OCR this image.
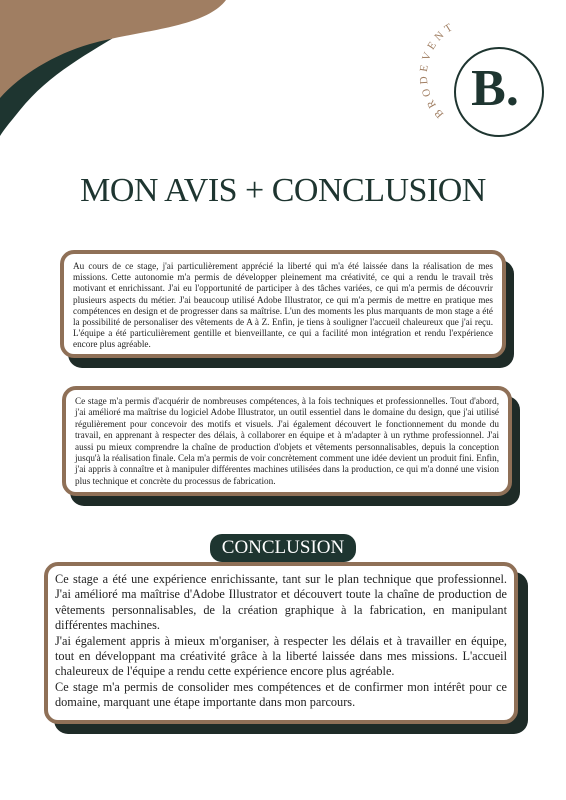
BRODEVENT
B.
MON AVIS + CONCLUSION

Au cours de ce stage, j'ai particulièrement apprécié la liberté qui m'a été laissée dans la réalisation de mes missions. Cette autonomie m'a permis de développer pleinement ma créativité, ce qui a rendu le travail très motivant et enrichissant. J'ai eu l'opportunité de participer à des tâches variées, ce qui m'a permis de découvrir plusieurs aspects du métier. J'ai beaucoup utilisé Adobe Illustrator, ce qui m'a permis de mettre en pratique mes compétences en design et de progresser dans sa maîtrise. L'un des moments les plus marquants de mon stage a été la possibilité de personaliser des vêtements de A à Z. Enfin, je tiens à souligner l'accueil chaleureux que j'ai reçu. L'équipe a été particulièrement gentille et bienveillante, ce qui a facilité mon intégration et rendu l'expérience encore plus agréable.

Ce stage m'a permis d'acquérir de nombreuses compétences, à la fois techniques et professionnelles. Tout d'abord, j'ai amélioré ma maîtrise du logiciel Adobe Illustrator, un outil essentiel dans le domaine du design, que j'ai utilisé régulièrement pour concevoir des motifs et visuels. J'ai également découvert le fonctionnement du monde du travail, en apprenant à respecter des délais, à collaborer en équipe et à m'adapter à un rythme professionnel. J'ai aussi pu mieux comprendre la chaîne de production d'objets et vêtements personnalisables, depuis la conception jusqu'à la réalisation finale. Cela m'a permis de voir concrètement comment une idée devient un produit fini. Enfin, j'ai appris à connaître et à manipuler différentes machines utilisées dans la production, ce qui m'a donné une vision plus technique et concrète du processus de fabrication.

CONCLUSION

Ce stage a été une expérience enrichissante, tant sur le plan technique que professionnel. J'ai amélioré ma maîtrise d'Adobe Illustrator et découvert toute la chaîne de production de vêtements personnalisables, de la création graphique à la fabrication, en manipulant différentes machines.

J'ai également appris à mieux m'organiser, à respecter les délais et à travailler en équipe, tout en développant ma créativité grâce à la liberté laissée dans mes missions. L'accueil chaleureux de l'équipe a rendu cette expérience encore plus agréable.

Ce stage m'a permis de consolider mes compétences et de confirmer mon intérêt pour ce domaine, marquant une étape importante dans mon parcours.
